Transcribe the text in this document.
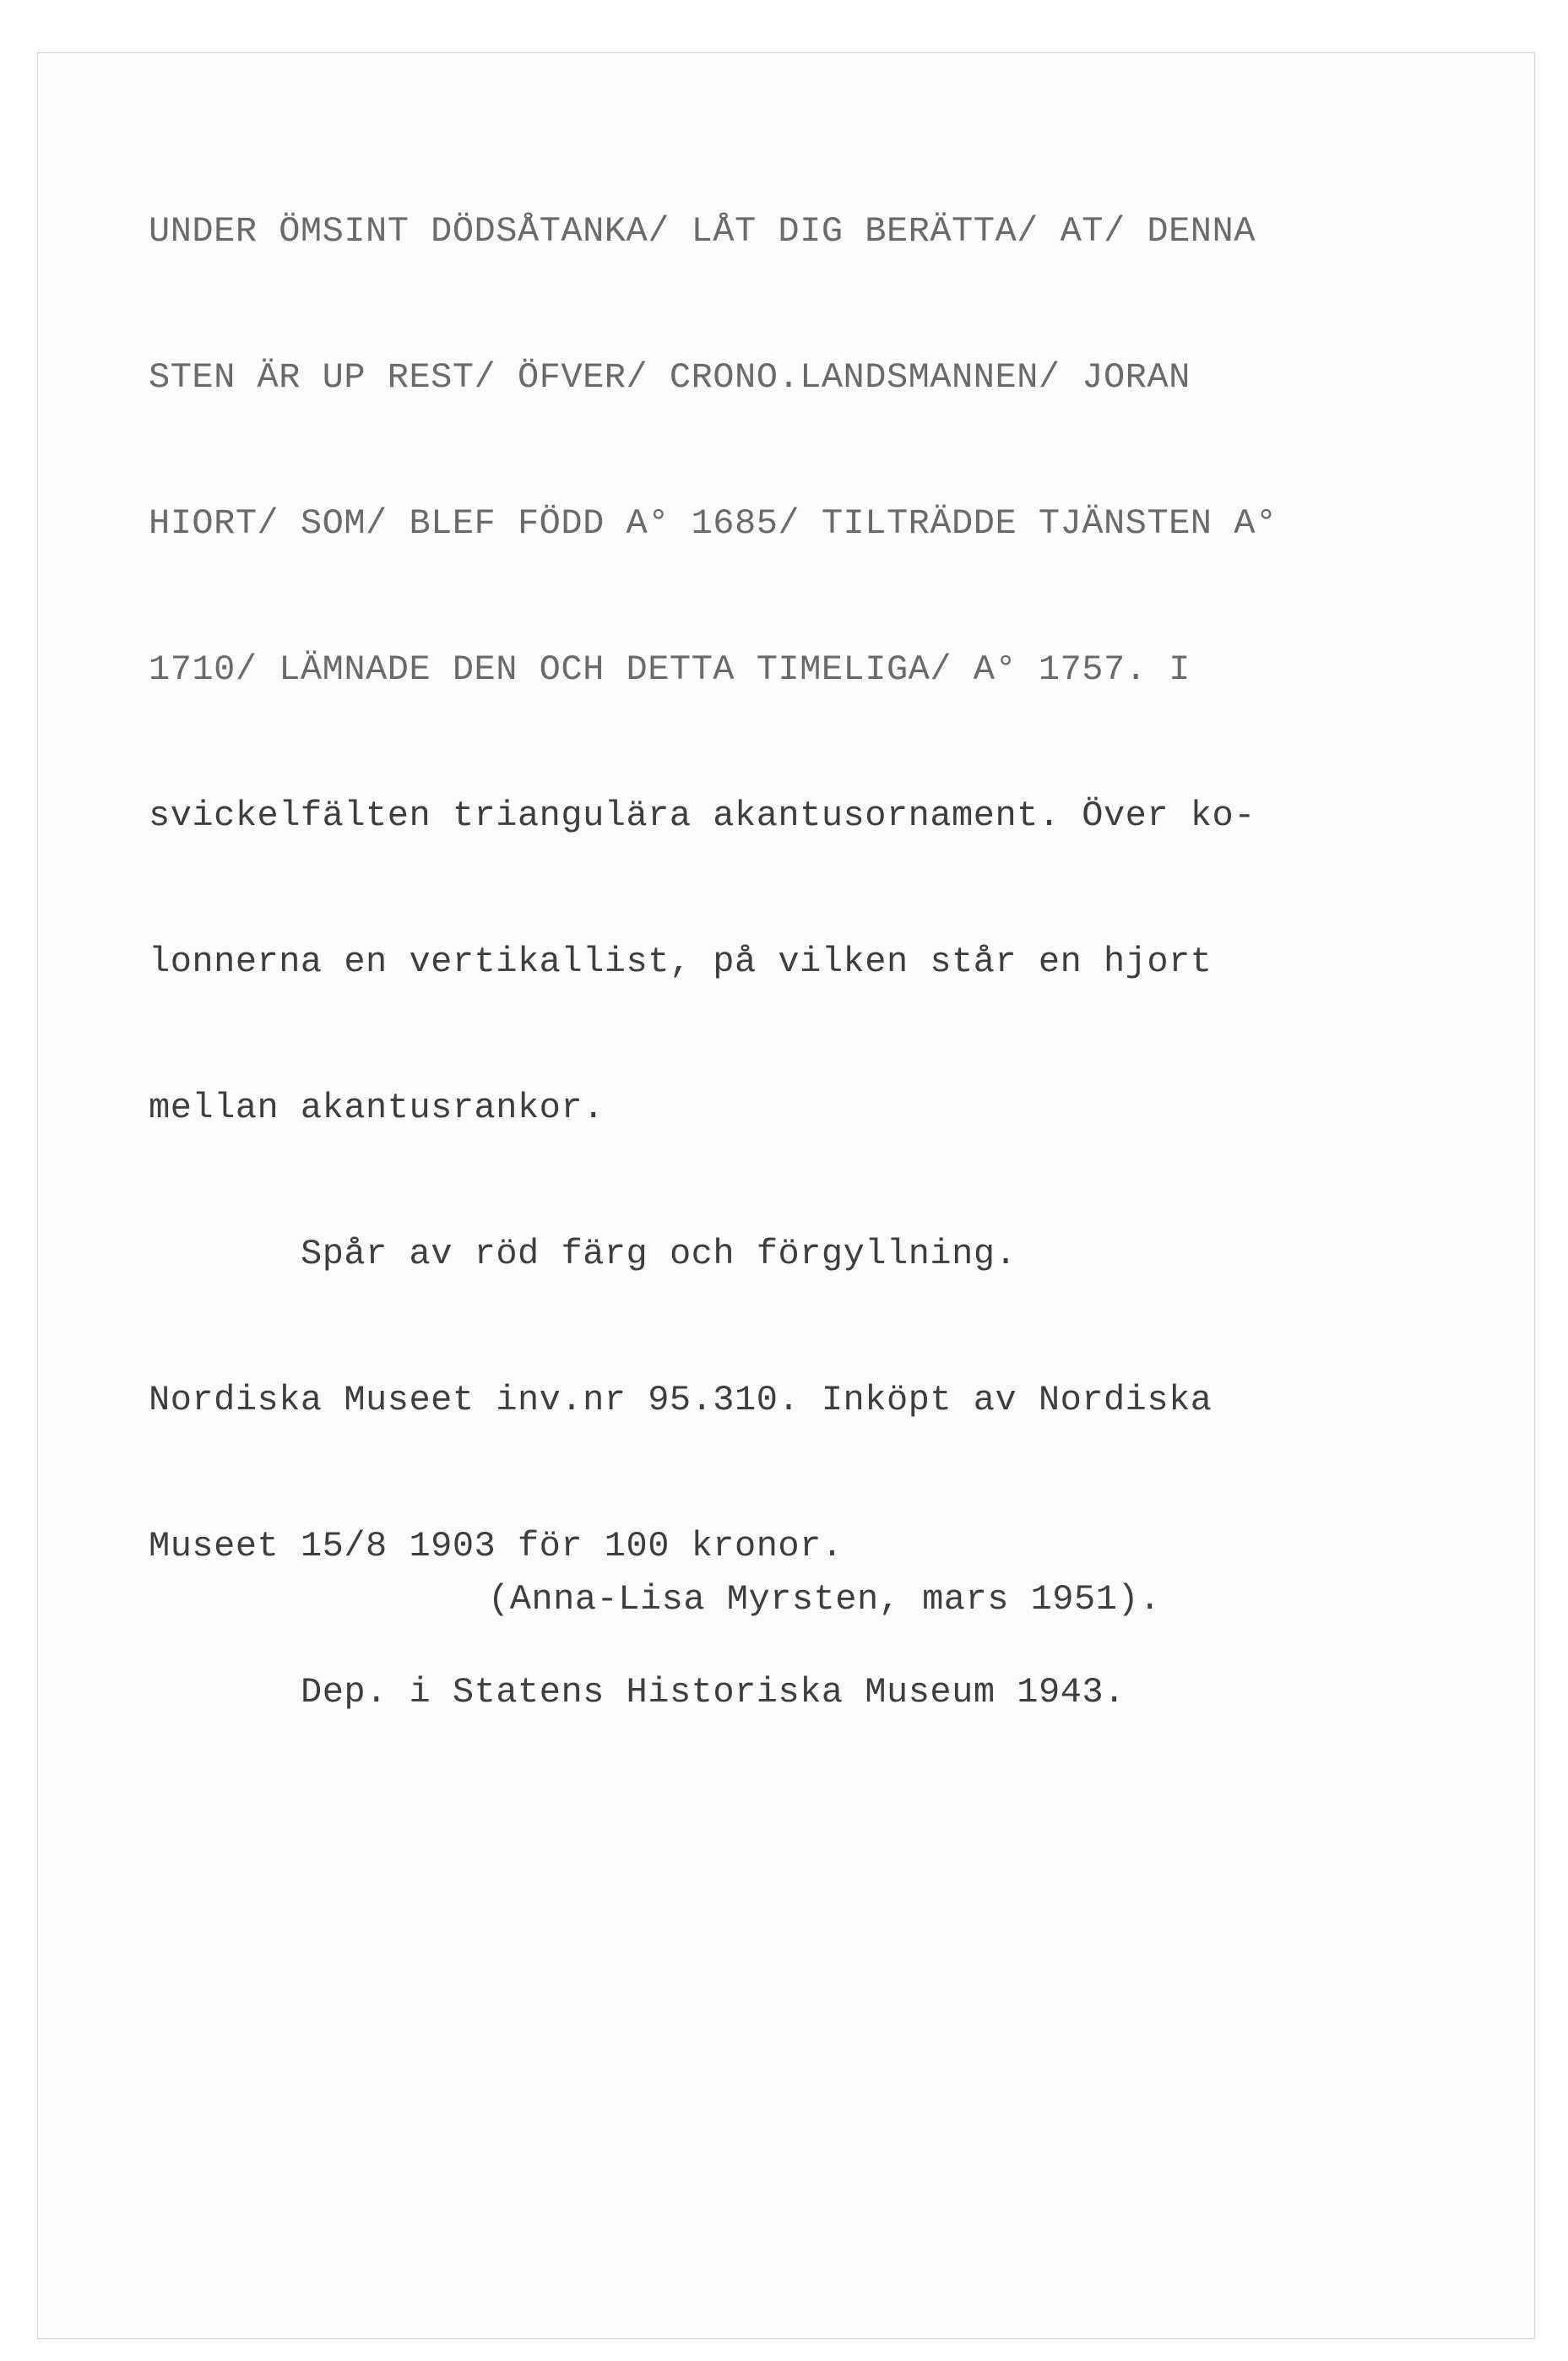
UNDER ÖMSINT DÖDSÅTANKA/ LÅT DIG BERÄTTA/ AT/ DENNA

STEN ÄR UP REST/ ÖFVER/ CRONO.LANDSMANNEN/ JORAN

HIORT/ SOM/ BLEF FÖDD A° 1685/ TILTRÄDDE TJÄNSTEN A°

1710/ LÄMNADE DEN OCH DETTA TIMELIGA/ A° 1757. I

svickelfälten triangulära akantusornament. Över ko-

lonnerna en vertikallist, på vilken står en hjort

mellan akantusrankor.

Spår av röd färg och förgyllning.

Nordiska Museet inv.nr 95.310. Inköpt av Nordiska

Museet 15/8 1903 för 100 kronor.

Dep. i Statens Historiska Museum 1943.

(Anna-Lisa Myrsten, mars 1951).
